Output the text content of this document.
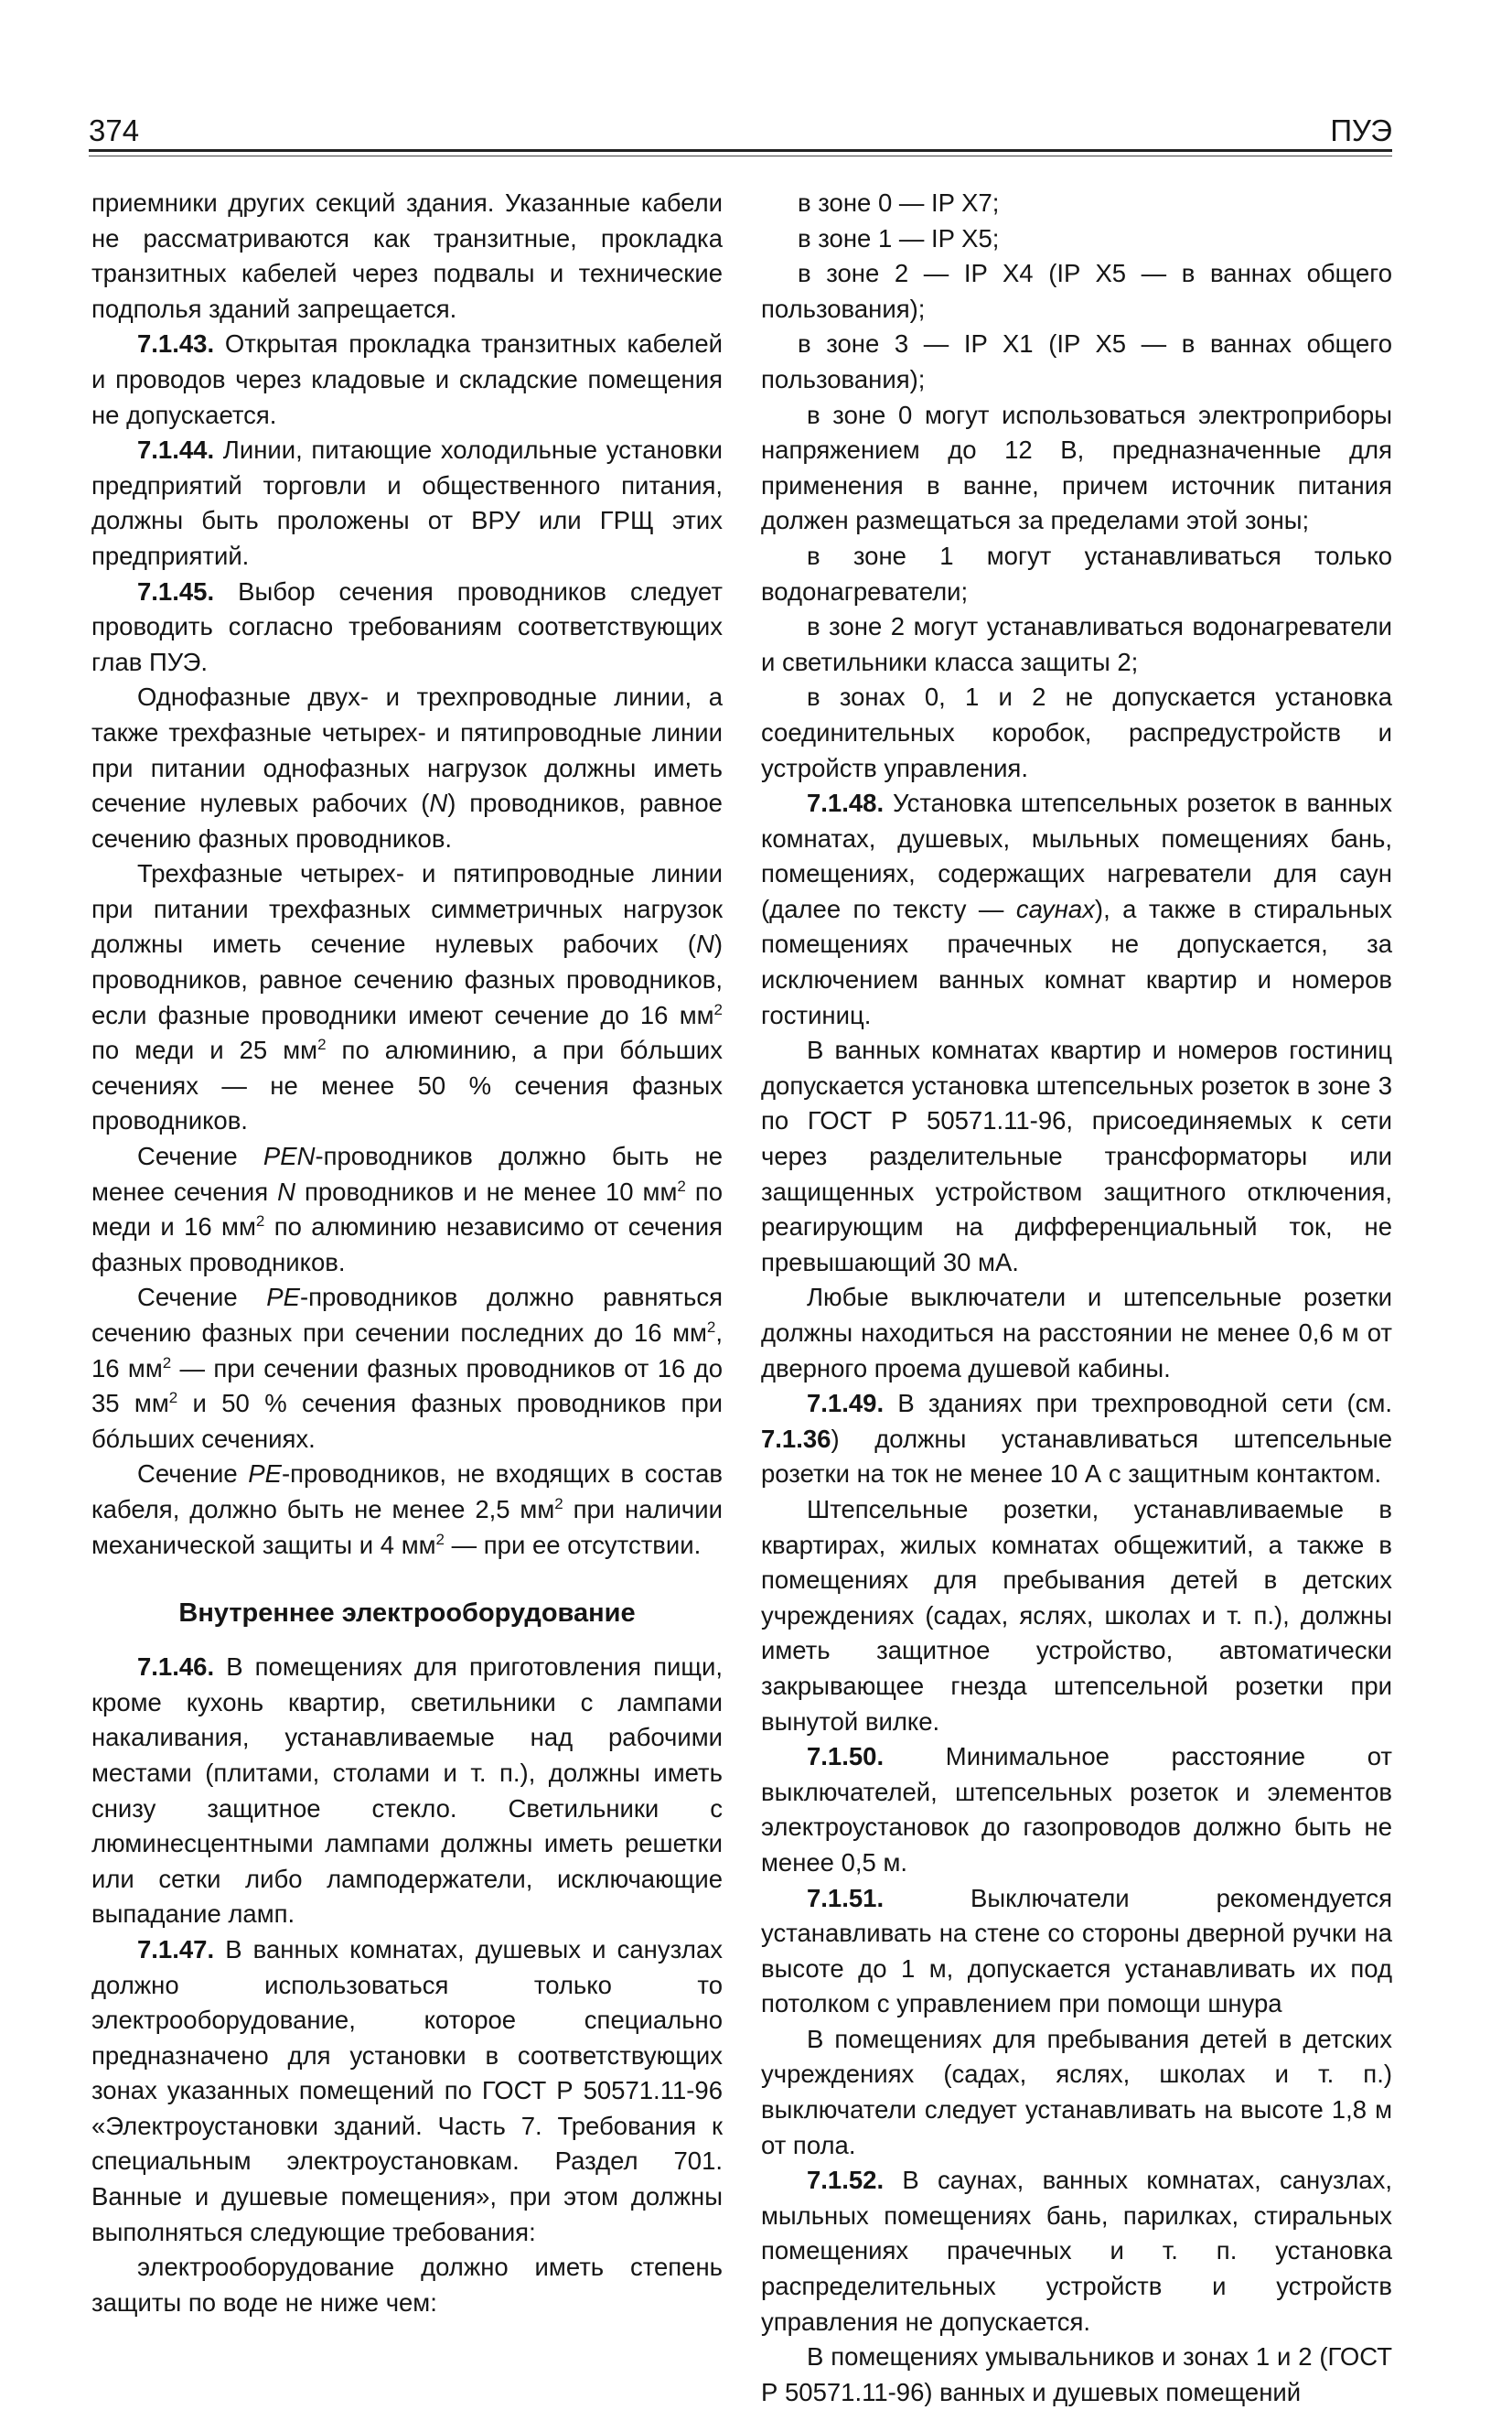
374	ПУЭ

приемники других секций здания. Указанные кабели не рассматриваются как транзитные, прокладка транзитных кабелей через подвалы и технические подполья зданий запрещается.

7.1.43. Открытая прокладка транзитных кабелей и проводов через кладовые и складские помещения не допускается.

7.1.44. Линии, питающие холодильные установки предприятий торговли и общественного питания, должны быть проложены от ВРУ или ГРЩ этих предприятий.

7.1.45. Выбор сечения проводников следует проводить согласно требованиям соответствующих глав ПУЭ.

Однофазные двух- и трехпроводные линии, а также трехфазные четырех- и пятипроводные линии при питании однофазных нагрузок должны иметь сечение нулевых рабочих (N) проводников, равное сечению фазных проводников.

Трехфазные четырех- и пятипроводные линии при питании трехфазных симметричных нагрузок должны иметь сечение нулевых рабочих (N) проводников, равное сечению фазных проводников, если фазные проводники имеют сечение до 16 $мм^2$ по меди и 25 $мм^2$ по алюминию, а при бóльших сечениях — не менее 50 % сечения фазных проводников.

Сечение PEN-проводников должно быть не менее сечения N проводников и не менее 10 $мм^2$ по меди и 16 $мм^2$ по алюминию независимо от сечения фазных проводников.

Сечение PE-проводников должно равняться сечению фазных при сечении последних до 16 $мм^2$, 16 $мм^2$ — при сечении фазных проводников от 16 до 35 $мм^2$ и 50 % сечения фазных проводников при бóльших сечениях.

Сечение PE-проводников, не входящих в состав кабеля, должно быть не менее 2,5 $мм^2$ при наличии механической защиты и 4 $мм^2$ — при ее отсутствии.

Внутреннее электрооборудование

7.1.46. В помещениях для приготовления пищи, кроме кухонь квартир, светильники с лампами накаливания, устанавливаемые над рабочими местами (плитами, столами и т. п.), должны иметь снизу защитное стекло. Светильники с люминесцентными лампами должны иметь решетки или сетки либо ламподержатели, исключающие выпадание ламп.

7.1.47. В ванных комнатах, душевых и санузлах должно использоваться только то электрооборудование, которое специально предназначено для установки в соответствующих зонах указанных помещений по ГОСТ Р 50571.11-96 «Электроустановки зданий. Часть 7. Требования к специальным электроустановкам. Раздел 701. Ванные и душевые помещения», при этом должны выполняться следующие требования:

электрооборудование должно иметь степень защиты по воде не ниже чем:

в зоне 0 — IP X7;

в зоне 1 — IP X5;

в зоне 2 — IP X4 (IP X5 — в ваннах общего пользования);

в зоне 3 — IP X1 (IP X5 — в ваннах общего пользования);

в зоне 0 могут использоваться электроприборы напряжением до 12 В, предназначенные для применения в ванне, причем источник питания должен размещаться за пределами этой зоны;

в зоне 1 могут устанавливаться только водонагреватели;

в зоне 2 могут устанавливаться водонагреватели и светильники класса защиты 2;

в зонах 0, 1 и 2 не допускается установка соединительных коробок, распредустройств и устройств управления.

7.1.48. Установка штепсельных розеток в ванных комнатах, душевых, мыльных помещениях бань, помещениях, содержащих нагреватели для саун (далее по тексту — саунах), а также в стиральных помещениях прачечных не допускается, за исключением ванных комнат квартир и номеров гостиниц.

В ванных комнатах квартир и номеров гостиниц допускается установка штепсельных розеток в зоне 3 по ГОСТ Р 50571.11-96, присоединяемых к сети через разделительные трансформаторы или защищенных устройством защитного отключения, реагирующим на дифференциальный ток, не превышающий 30 мА.

Любые выключатели и штепсельные розетки должны находиться на расстоянии не менее 0,6 м от дверного проема душевой кабины.

7.1.49. В зданиях при трехпроводной сети (см. 7.1.36) должны устанавливаться штепсельные розетки на ток не менее 10 А с защитным контактом.

Штепсельные розетки, устанавливаемые в квартирах, жилых комнатах общежитий, а также в помещениях для пребывания детей в детских учреждениях (садах, яслях, школах и т. п.), должны иметь защитное устройство, автоматически закрывающее гнезда штепсельной розетки при вынутой вилке.

7.1.50. Минимальное расстояние от выключателей, штепсельных розеток и элементов электроустановок до газопроводов должно быть не менее 0,5 м.

7.1.51. Выключатели рекомендуется устанавливать на стене со стороны дверной ручки на высоте до 1 м, допускается устанавливать их под потолком с управлением при помощи шнура

В помещениях для пребывания детей в детских учреждениях (садах, яслях, школах и т. п.) выключатели следует устанавливать на высоте 1,8 м от пола.

7.1.52. В саунах, ванных комнатах, санузлах, мыльных помещениях бань, парилках, стиральных помещениях прачечных и т. п. установка распределительных устройств и устройств управления не допускается.

В помещениях умывальников и зонах 1 и 2 (ГОСТ Р 50571.11-96) ванных и душевых помещений
